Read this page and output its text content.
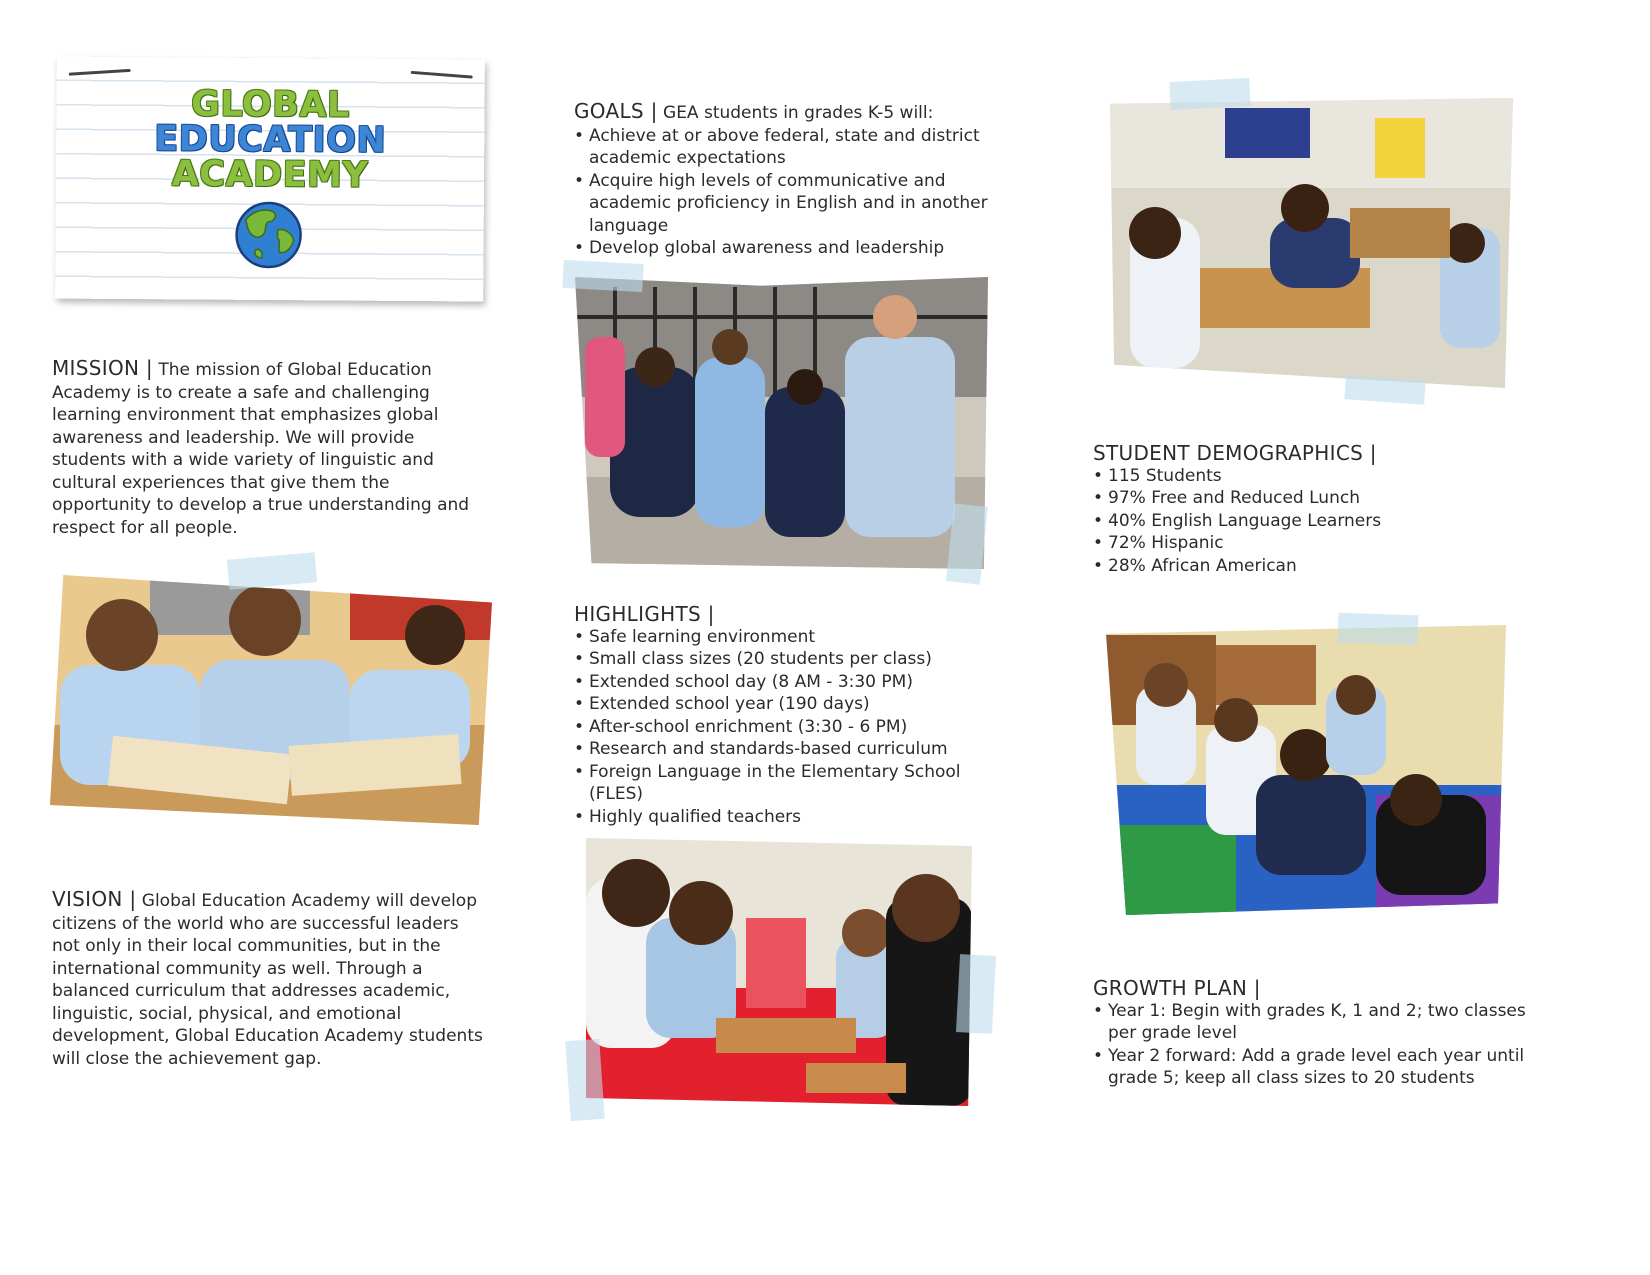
GLOBAL
EDUCATION
ACADEMY
MISSION | The mission of Global Education Academy is to create a safe and challenging learning environment that emphasizes global awareness and leadership. We will provide students with a wide variety of linguistic and cultural experiences that give them the opportunity to develop a true understanding and respect for all people.
VISION | Global Education Academy will develop citizens of the world who are successful leaders not only in their local communities, but in the international community as well. Through a balanced curriculum that addresses academic, linguistic, social, physical, and emotional development, Global Education Academy students will close the achievement gap.
GOALS | GEA students in grades K-5 will:
• Achieve at or above federal, state and district academic expectations
• Acquire high levels of communicative and academic proficiency in English and in another language
• Develop global awareness and leadership
HIGHLIGHTS |
• Safe learning environment
• Small class sizes (20 students per class)
• Extended school day (8 AM - 3:30 PM)
• Extended school year (190 days)
• After-school enrichment (3:30 - 6 PM)
• Research and standards-based curriculum
• Foreign Language in the Elementary School (FLES)
• Highly qualified teachers
STUDENT DEMOGRAPHICS |
• 115 Students
• 97% Free and Reduced Lunch
• 40% English Language Learners
• 72% Hispanic
• 28% African American
GROWTH PLAN |
• Year 1: Begin with grades K, 1 and 2; two classes per grade level
• Year 2 forward: Add a grade level each year until grade 5; keep all class sizes to 20 students
